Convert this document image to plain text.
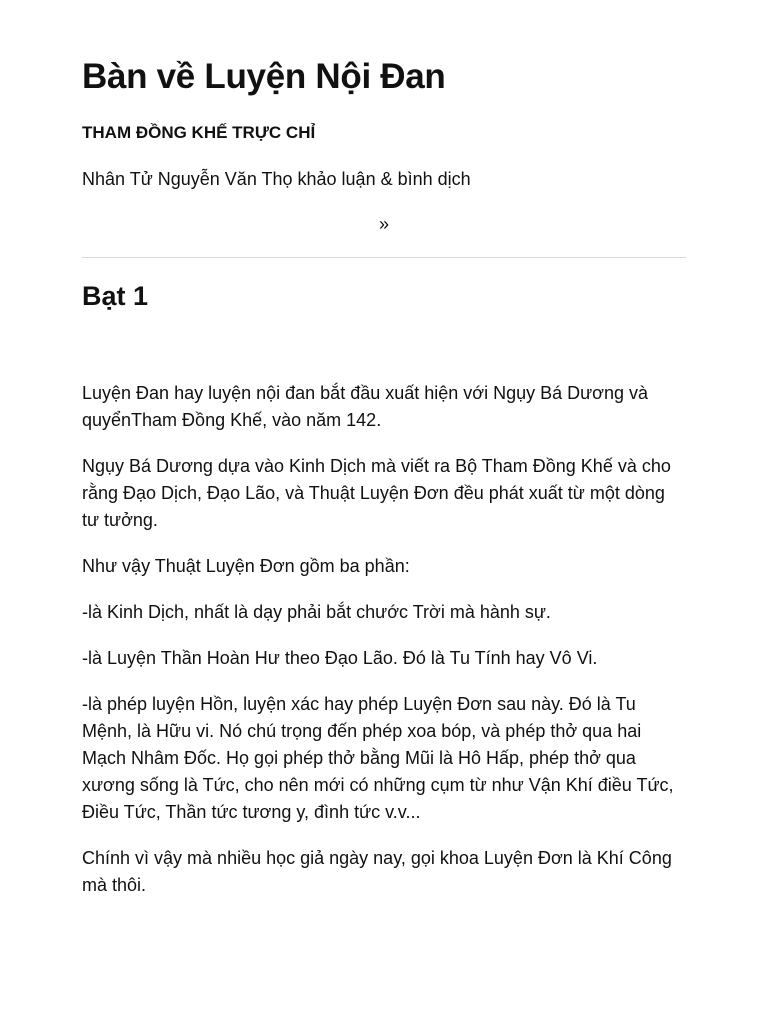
Bàn về Luyện Nội Đan
THAM ĐỒNG KHẾ TRỰC CHỈ
Nhân Tử Nguyễn Văn Thọ khảo luận & bình dịch
»
Bạt 1

Luyện Đan hay luyện nội đan bắt đầu xuất hiện với Ngụy Bá Dương và quyểnTham Đồng Khế, vào năm 142.

Ngụy Bá Dương dựa vào Kinh Dịch mà viết ra Bộ Tham Đồng Khế và cho rằng Đạo Dịch, Đạo Lão, và Thuật Luyện Đơn đều phát xuất từ một dòng tư tưởng.

Như vậy Thuật Luyện Đơn gồm ba phần:

-là Kinh Dịch, nhất là dạy phải bắt chước Trời mà hành sự.

-là Luyện Thần Hoàn Hư theo Đạo Lão. Đó là Tu Tính hay Vô Vi.

-là phép luyện Hồn, luyện xác hay phép Luyện Đơn sau này. Đó là Tu Mệnh, là Hữu vi. Nó chú trọng đến phép xoa bóp, và phép thở qua hai Mạch Nhâm Đốc. Họ gọi phép thở bằng Mũi là Hô Hấp, phép thở qua xương sống là Tức, cho nên mới có những cụm từ như Vận Khí điều Tức, Điều Tức, Thần tức tương y, đình tức v.v...

Chính vì vậy mà nhiều học giả ngày nay, gọi khoa Luyện Đơn là Khí Công mà thôi.
